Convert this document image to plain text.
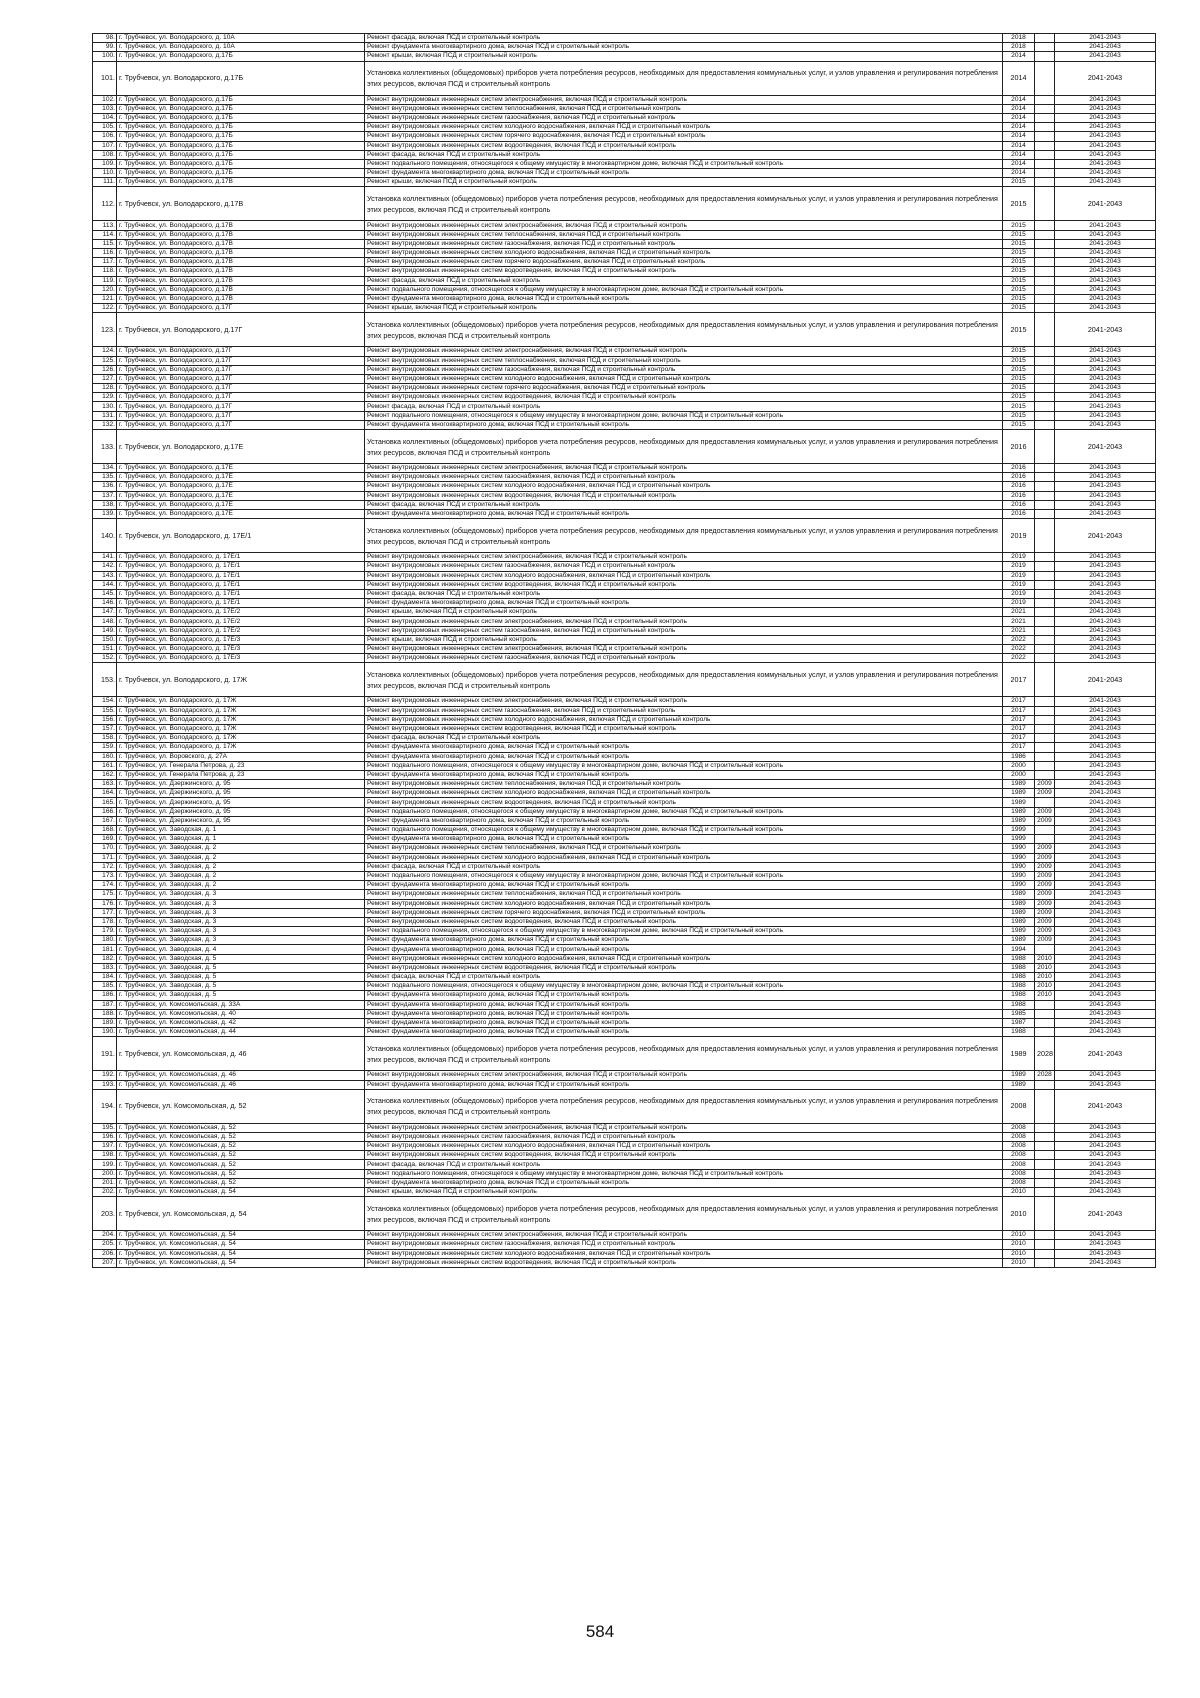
98.	г. Трубчевск, ул. Володарского, д. 10А	Ремонт фасада, включая ПСД и строительный контроль	2018		2041-2043
99.	г. Трубчевск, ул. Володарского, д. 10А	Ремонт фундамента многоквартирного дома, включая ПСД и строительный контроль	2018		2041-2043
100.	г. Трубчевск, ул. Володарского, д.17Б	Ремонт крыши, включая ПСД и строительный контроль	2014		2041-2043
101.	г. Трубчевск, ул. Володарского, д.17Б	Установка коллективных (общедомовых) приборов учета потребления ресурсов, необходимых для предоставления коммунальных услуг, и узлов управления и регулирования потребления этих ресурсов, включая ПСД и строительный контроль	2014		2041-2043
102.	г. Трубчевск, ул. Володарского, д.17Б	Ремонт внутридомовых инженерных систем электроснабжения, включая ПСД и строительный контроль	2014		2041-2043
103.	г. Трубчевск, ул. Володарского, д.17Б	Ремонт внутридомовых инженерных систем теплоснабжения, включая ПСД и строительный контроль	2014		2041-2043
104.	г. Трубчевск, ул. Володарского, д.17Б	Ремонт внутридомовых инженерных систем газоснабжения, включая ПСД и строительный контроль	2014		2041-2043
105.	г. Трубчевск, ул. Володарского, д.17Б	Ремонт внутридомовых инженерных систем холодного водоснабжения, включая ПСД и строительный контроль	2014		2041-2043
106.	г. Трубчевск, ул. Володарского, д.17Б	Ремонт внутридомовых инженерных систем горячего водоснабжения, включая ПСД и строительный контроль	2014		2041-2043
107.	г. Трубчевск, ул. Володарского, д.17Б	Ремонт внутридомовых инженерных систем водоотведения, включая ПСД и строительный контроль	2014		2041-2043
108.	г. Трубчевск, ул. Володарского, д.17Б	Ремонт фасада, включая ПСД и строительный контроль	2014		2041-2043
109.	г. Трубчевск, ул. Володарского, д.17Б	Ремонт подвального помещения, относящегося к общему имуществу в многоквартирном доме, включая ПСД и строительный контроль	2014		2041-2043
110.	г. Трубчевск, ул. Володарского, д.17Б	Ремонт фундамента многоквартирного дома, включая ПСД и строительный контроль	2014		2041-2043
111.	г. Трубчевск, ул. Володарского, д.17В	Ремонт крыши, включая ПСД и строительный контроль	2015		2041-2043
112.	г. Трубчевск, ул. Володарского, д.17В	Установка коллективных (общедомовых) приборов учета потребления ресурсов, необходимых для предоставления коммунальных услуг, и узлов управления и регулирования потребления этих ресурсов, включая ПСД и строительный контроль	2015		2041-2043
113.	г. Трубчевск, ул. Володарского, д.17В	Ремонт внутридомовых инженерных систем электроснабжения, включая ПСД и строительный контроль	2015		2041-2043
114.	г. Трубчевск, ул. Володарского, д.17В	Ремонт внутридомовых инженерных систем теплоснабжения, включая ПСД и строительный контроль	2015		2041-2043
115.	г. Трубчевск, ул. Володарского, д.17В	Ремонт внутридомовых инженерных систем газоснабжения, включая ПСД и строительный контроль	2015		2041-2043
116.	г. Трубчевск, ул. Володарского, д.17В	Ремонт внутридомовых инженерных систем холодного водоснабжения, включая ПСД и строительный контроль	2015		2041-2043
117.	г. Трубчевск, ул. Володарского, д.17В	Ремонт внутридомовых инженерных систем горячего водоснабжения, включая ПСД и строительный контроль	2015		2041-2043
118.	г. Трубчевск, ул. Володарского, д.17В	Ремонт внутридомовых инженерных систем водоотведения, включая ПСД и строительный контроль	2015		2041-2043
119.	г. Трубчевск, ул. Володарского, д.17В	Ремонт фасада, включая ПСД и строительный контроль	2015		2041-2043
120.	г. Трубчевск, ул. Володарского, д.17В	Ремонт подвального помещения, относящегося к общему имуществу в многоквартирном доме, включая ПСД и строительный контроль	2015		2041-2043
121.	г. Трубчевск, ул. Володарского, д.17В	Ремонт фундамента многоквартирного дома, включая ПСД и строительный контроль	2015		2041-2043
122.	г. Трубчевск, ул. Володарского, д.17Г	Ремонт крыши, включая ПСД и строительный контроль	2015		2041-2043
123.	г. Трубчевск, ул. Володарского, д.17Г	Установка коллективных (общедомовых) приборов учета потребления ресурсов, необходимых для предоставления коммунальных услуг, и узлов управления и регулирования потребления этих ресурсов, включая ПСД и строительный контроль	2015		2041-2043
124.	г. Трубчевск, ул. Володарского, д.17Г	Ремонт внутридомовых инженерных систем электроснабжения, включая ПСД и строительный контроль	2015		2041-2043
125.	г. Трубчевск, ул. Володарского, д.17Г	Ремонт внутридомовых инженерных систем теплоснабжения, включая ПСД и строительный контроль	2015		2041-2043
126.	г. Трубчевск, ул. Володарского, д.17Г	Ремонт внутридомовых инженерных систем газоснабжения, включая ПСД и строительный контроль	2015		2041-2043
127.	г. Трубчевск, ул. Володарского, д.17Г	Ремонт внутридомовых инженерных систем холодного водоснабжения, включая ПСД и строительный контроль	2015		2041-2043
128.	г. Трубчевск, ул. Володарского, д.17Г	Ремонт внутридомовых инженерных систем горячего водоснабжения, включая ПСД и строительный контроль	2015		2041-2043
129.	г. Трубчевск, ул. Володарского, д.17Г	Ремонт внутридомовых инженерных систем водоотведения, включая ПСД и строительный контроль	2015		2041-2043
130.	г. Трубчевск, ул. Володарского, д.17Г	Ремонт фасада, включая ПСД и строительный контроль	2015		2041-2043
131.	г. Трубчевск, ул. Володарского, д.17Г	Ремонт подвального помещения, относящегося к общему имуществу в многоквартирном доме, включая ПСД и строительный контроль	2015		2041-2043
132.	г. Трубчевск, ул. Володарского, д.17Г	Ремонт фундамента многоквартирного дома, включая ПСД и строительный контроль	2015		2041-2043
133.	г. Трубчевск, ул. Володарского, д.17Е	Установка коллективных (общедомовых) приборов учета потребления ресурсов, необходимых для предоставления коммунальных услуг, и узлов управления и регулирования потребления этих ресурсов, включая ПСД и строительный контроль	2016		2041-2043
134.	г. Трубчевск, ул. Володарского, д.17Е	Ремонт внутридомовых инженерных систем электроснабжения, включая ПСД и строительный контроль	2016		2041-2043
135.	г. Трубчевск, ул. Володарского, д.17Е	Ремонт внутридомовых инженерных систем газоснабжения, включая ПСД и строительный контроль	2016		2041-2043
136.	г. Трубчевск, ул. Володарского, д.17Е	Ремонт внутридомовых инженерных систем холодного водоснабжения, включая ПСД и строительный контроль	2016		2041-2043
137.	г. Трубчевск, ул. Володарского, д.17Е	Ремонт внутридомовых инженерных систем водоотведения, включая ПСД и строительный контроль	2016		2041-2043
138.	г. Трубчевск, ул. Володарского, д.17Е	Ремонт фасада, включая ПСД и строительный контроль	2016		2041-2043
139.	г. Трубчевск, ул. Володарского, д.17Е	Ремонт фундамента многоквартирного дома, включая ПСД и строительный контроль	2016		2041-2043
140.	г. Трубчевск, ул. Володарского, д. 17Е/1	Установка коллективных (общедомовых) приборов учета потребления ресурсов, необходимых для предоставления коммунальных услуг, и узлов управления и регулирования потребления этих ресурсов, включая ПСД и строительный контроль	2019		2041-2043
141.	г. Трубчевск, ул. Володарского, д. 17Е/1	Ремонт внутридомовых инженерных систем электроснабжения, включая ПСД и строительный контроль	2019		2041-2043
142.	г. Трубчевск, ул. Володарского, д. 17Е/1	Ремонт внутридомовых инженерных систем газоснабжения, включая ПСД и строительный контроль	2019		2041-2043
143.	г. Трубчевск, ул. Володарского, д. 17Е/1	Ремонт внутридомовых инженерных систем холодного водоснабжения, включая ПСД и строительный контроль	2019		2041-2043
144.	г. Трубчевск, ул. Володарского, д. 17Е/1	Ремонт внутридомовых инженерных систем водоотведения, включая ПСД и строительный контроль	2019		2041-2043
145.	г. Трубчевск, ул. Володарского, д. 17Е/1	Ремонт фасада, включая ПСД и строительный контроль	2019		2041-2043
146.	г. Трубчевск, ул. Володарского, д. 17Е/1	Ремонт фундамента многоквартирного дома, включая ПСД и строительный контроль	2019		2041-2043
147.	г. Трубчевск, ул. Володарского, д. 17Е/2	Ремонт крыши, включая ПСД и строительный контроль	2021		2041-2043
148.	г. Трубчевск, ул. Володарского, д. 17Е/2	Ремонт внутридомовых инженерных систем электроснабжения, включая ПСД и строительный контроль	2021		2041-2043
149.	г. Трубчевск, ул. Володарского, д. 17Е/2	Ремонт внутридомовых инженерных систем газоснабжения, включая ПСД и строительный контроль	2021		2041-2043
150.	г. Трубчевск, ул. Володарского, д. 17Е/3	Ремонт крыши, включая ПСД и строительный контроль	2022		2041-2043
151.	г. Трубчевск, ул. Володарского, д. 17Е/3	Ремонт внутридомовых инженерных систем электроснабжения, включая ПСД и строительный контроль	2022		2041-2043
152.	г. Трубчевск, ул. Володарского, д. 17Е/3	Ремонт внутридомовых инженерных систем газоснабжения, включая ПСД и строительный контроль	2022		2041-2043
153.	г. Трубчевск, ул. Володарского, д. 17Ж	Установка коллективных (общедомовых) приборов учета потребления ресурсов, необходимых для предоставления коммунальных услуг, и узлов управления и регулирования потребления этих ресурсов, включая ПСД и строительный контроль	2017		2041-2043
154.	г. Трубчевск, ул. Володарского, д. 17Ж	Ремонт внутридомовых инженерных систем электроснабжения, включая ПСД и строительный контроль	2017		2041-2043
155.	г. Трубчевск, ул. Володарского, д. 17Ж	Ремонт внутридомовых инженерных систем газоснабжения, включая ПСД и строительный контроль	2017		2041-2043
156.	г. Трубчевск, ул. Володарского, д. 17Ж	Ремонт внутридомовых инженерных систем холодного водоснабжения, включая ПСД и строительный контроль	2017		2041-2043
157.	г. Трубчевск, ул. Володарского, д. 17Ж	Ремонт внутридомовых инженерных систем водоотведения, включая ПСД и строительный контроль	2017		2041-2043
158.	г. Трубчевск, ул. Володарского, д. 17Ж	Ремонт фасада, включая ПСД и строительный контроль	2017		2041-2043
159.	г. Трубчевск, ул. Володарского, д. 17Ж	Ремонт фундамента многоквартирного дома, включая ПСД и строительный контроль	2017		2041-2043
160.	г. Трубчевск, ул. Воровского, д. 27А	Ремонт фундамента многоквартирного дома, включая ПСД и строительный контроль	1986		2041-2043
161.	г. Трубчевск, ул. Генерала Петрова, д. 23	Ремонт подвального помещения, относящегося к общему имуществу в многоквартирном доме, включая ПСД и строительный контроль	2000		2041-2043
162.	г. Трубчевск, ул. Генерала Петрова, д. 23	Ремонт фундамента многоквартирного дома, включая ПСД и строительный контроль	2000		2041-2043
163.	г. Трубчевск, ул. Дзержинского, д. 95	Ремонт внутридомовых инженерных систем теплоснабжения, включая ПСД и строительный контроль	1989	2009	2041-2043
164.	г. Трубчевск, ул. Дзержинского, д. 95	Ремонт внутридомовых инженерных систем холодного водоснабжения, включая ПСД и строительный контроль	1989	2009	2041-2043
165.	г. Трубчевск, ул. Дзержинского, д. 95	Ремонт внутридомовых инженерных систем водоотведения, включая ПСД и строительный контроль	1989		2041-2043
166.	г. Трубчевск, ул. Дзержинского, д. 95	Ремонт подвального помещения, относящегося к общему имуществу в многоквартирном доме, включая ПСД и строительный контроль	1989	2009	2041-2043
167.	г. Трубчевск, ул. Дзержинского, д. 95	Ремонт фундамента многоквартирного дома, включая ПСД и строительный контроль	1989	2009	2041-2043
168.	г. Трубчевск, ул. Заводская, д. 1	Ремонт подвального помещения, относящегося к общему имуществу в многоквартирном доме, включая ПСД и строительный контроль	1999		2041-2043
169.	г. Трубчевск, ул. Заводская, д. 1	Ремонт фундамента многоквартирного дома, включая ПСД и строительный контроль	1999		2041-2043
170.	г. Трубчевск, ул. Заводская, д. 2	Ремонт внутридомовых инженерных систем теплоснабжения, включая ПСД и строительный контроль	1990	2009	2041-2043
171.	г. Трубчевск, ул. Заводская, д. 2	Ремонт внутридомовых инженерных систем холодного водоснабжения, включая ПСД и строительный контроль	1990	2009	2041-2043
172.	г. Трубчевск, ул. Заводская, д. 2	Ремонт фасада, включая ПСД и строительный контроль	1990	2009	2041-2043
173.	г. Трубчевск, ул. Заводская, д. 2	Ремонт подвального помещения, относящегося к общему имуществу в многоквартирном доме, включая ПСД и строительный контроль	1990	2009	2041-2043
174.	г. Трубчевск, ул. Заводская, д. 2	Ремонт фундамента многоквартирного дома, включая ПСД и строительный контроль	1990	2009	2041-2043
175.	г. Трубчевск, ул. Заводская, д. 3	Ремонт внутридомовых инженерных систем теплоснабжения, включая ПСД и строительный контроль	1989	2009	2041-2043
176.	г. Трубчевск, ул. Заводская, д. 3	Ремонт внутридомовых инженерных систем холодного водоснабжения, включая ПСД и строительный контроль	1989	2009	2041-2043
177.	г. Трубчевск, ул. Заводская, д. 3	Ремонт внутридомовых инженерных систем горячего водоснабжения, включая ПСД и строительный контроль	1989	2009	2041-2043
178.	г. Трубчевск, ул. Заводская, д. 3	Ремонт внутридомовых инженерных систем водоотведения, включая ПСД и строительный контроль	1989	2009	2041-2043
179.	г. Трубчевск, ул. Заводская, д. 3	Ремонт подвального помещения, относящегося к общему имуществу в многоквартирном доме, включая ПСД и строительный контроль	1989	2009	2041-2043
180.	г. Трубчевск, ул. Заводская, д. 3	Ремонт фундамента многоквартирного дома, включая ПСД и строительный контроль	1989	2009	2041-2043
181.	г. Трубчевск, ул. Заводская, д. 4	Ремонт фундамента многоквартирного дома, включая ПСД и строительный контроль	1994		2041-2043
182.	г. Трубчевск, ул. Заводская, д. 5	Ремонт внутридомовых инженерных систем холодного водоснабжения, включая ПСД и строительный контроль	1988	2010	2041-2043
183.	г. Трубчевск, ул. Заводская, д. 5	Ремонт внутридомовых инженерных систем водоотведения, включая ПСД и строительный контроль	1988	2010	2041-2043
184.	г. Трубчевск, ул. Заводская, д. 5	Ремонт фасада, включая ПСД и строительный контроль	1988	2010	2041-2043
185.	г. Трубчевск, ул. Заводская, д. 5	Ремонт подвального помещения, относящегося к общему имуществу в многоквартирном доме, включая ПСД и строительный контроль	1988	2010	2041-2043
186.	г. Трубчевск, ул. Заводская, д. 5	Ремонт фундамента многоквартирного дома, включая ПСД и строительный контроль	1988	2010	2041-2043
187.	г. Трубчевск, ул. Комсомольская, д. 33А	Ремонт фундамента многоквартирного дома, включая ПСД и строительный контроль	1988		2041-2043
188.	г. Трубчевск, ул. Комсомольская, д. 40	Ремонт фундамента многоквартирного дома, включая ПСД и строительный контроль	1985		2041-2043
189.	г. Трубчевск, ул. Комсомольская, д. 42	Ремонт фундамента многоквартирного дома, включая ПСД и строительный контроль	1987		2041-2043
190.	г. Трубчевск, ул. Комсомольская, д. 44	Ремонт фундамента многоквартирного дома, включая ПСД и строительный контроль	1988		2041-2043
191.	г. Трубчевск, ул. Комсомольская, д. 46	Установка коллективных (общедомовых) приборов учета потребления ресурсов, необходимых для предоставления коммунальных услуг, и узлов управления и регулирования потребления этих ресурсов, включая ПСД и строительный контроль	1989	2028	2041-2043
192.	г. Трубчевск, ул. Комсомольская, д. 46	Ремонт внутридомовых инженерных систем электроснабжения, включая ПСД и строительный контроль	1989	2028	2041-2043
193.	г. Трубчевск, ул. Комсомольская, д. 46	Ремонт фундамента многоквартирного дома, включая ПСД и строительный контроль	1989		2041-2043
194.	г. Трубчевск, ул. Комсомольская, д. 52	Установка коллективных (общедомовых) приборов учета потребления ресурсов, необходимых для предоставления коммунальных услуг, и узлов управления и регулирования потребления этих ресурсов, включая ПСД и строительный контроль	2008		2041-2043
195.	г. Трубчевск, ул. Комсомольская, д. 52	Ремонт внутридомовых инженерных систем электроснабжения, включая ПСД и строительный контроль	2008		2041-2043
196.	г. Трубчевск, ул. Комсомольская, д. 52	Ремонт внутридомовых инженерных систем газоснабжения, включая ПСД и строительный контроль	2008		2041-2043
197.	г. Трубчевск, ул. Комсомольская, д. 52	Ремонт внутридомовых инженерных систем холодного водоснабжения, включая ПСД и строительный контроль	2008		2041-2043
198.	г. Трубчевск, ул. Комсомольская, д. 52	Ремонт внутридомовых инженерных систем водоотведения, включая ПСД и строительный контроль	2008		2041-2043
199.	г. Трубчевск, ул. Комсомольская, д. 52	Ремонт фасада, включая ПСД и строительный контроль	2008		2041-2043
200.	г. Трубчевск, ул. Комсомольская, д. 52	Ремонт подвального помещения, относящегося к общему имуществу в многоквартирном доме, включая ПСД и строительный контроль	2008		2041-2043
201.	г. Трубчевск, ул. Комсомольская, д. 52	Ремонт фундамента многоквартирного дома, включая ПСД и строительный контроль	2008		2041-2043
202.	г. Трубчевск, ул. Комсомольская, д. 54	Ремонт крыши, включая ПСД и строительный контроль	2010		2041-2043
203.	г. Трубчевск, ул. Комсомольская, д. 54	Установка коллективных (общедомовых) приборов учета потребления ресурсов, необходимых для предоставления коммунальных услуг, и узлов управления и регулирования потребления этих ресурсов, включая ПСД и строительный контроль	2010		2041-2043
204.	г. Трубчевск, ул. Комсомольская, д. 54	Ремонт внутридомовых инженерных систем электроснабжения, включая ПСД и строительный контроль	2010		2041-2043
205.	г. Трубчевск, ул. Комсомольская, д. 54	Ремонт внутридомовых инженерных систем газоснабжения, включая ПСД и строительный контроль	2010		2041-2043
206.	г. Трубчевск, ул. Комсомольская, д. 54	Ремонт внутридомовых инженерных систем холодного водоснабжения, включая ПСД и строительный контроль	2010		2041-2043
207.	г. Трубчевск, ул. Комсомольская, д. 54	Ремонт внутридомовых инженерных систем водоотведения, включая ПСД и строительный контроль	2010		2041-2043
584
